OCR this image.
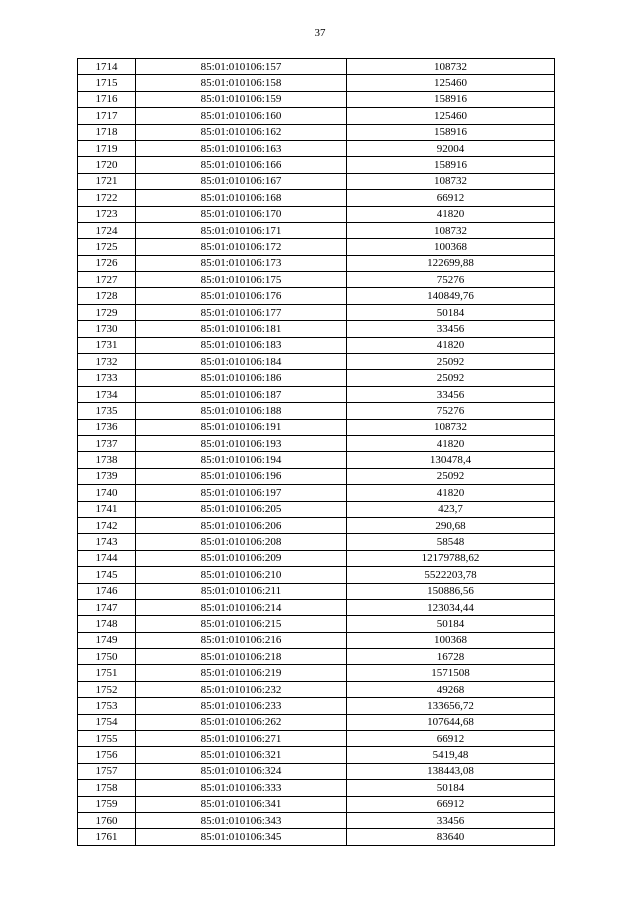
37
1714	85:01:010106:157	108732
1715	85:01:010106:158	125460
1716	85:01:010106:159	158916
1717	85:01:010106:160	125460
1718	85:01:010106:162	158916
1719	85:01:010106:163	92004
1720	85:01:010106:166	158916
1721	85:01:010106:167	108732
1722	85:01:010106:168	66912
1723	85:01:010106:170	41820
1724	85:01:010106:171	108732
1725	85:01:010106:172	100368
1726	85:01:010106:173	122699,88
1727	85:01:010106:175	75276
1728	85:01:010106:176	140849,76
1729	85:01:010106:177	50184
1730	85:01:010106:181	33456
1731	85:01:010106:183	41820
1732	85:01:010106:184	25092
1733	85:01:010106:186	25092
1734	85:01:010106:187	33456
1735	85:01:010106:188	75276
1736	85:01:010106:191	108732
1737	85:01:010106:193	41820
1738	85:01:010106:194	130478,4
1739	85:01:010106:196	25092
1740	85:01:010106:197	41820
1741	85:01:010106:205	423,7
1742	85:01:010106:206	290,68
1743	85:01:010106:208	58548
1744	85:01:010106:209	12179788,62
1745	85:01:010106:210	5522203,78
1746	85:01:010106:211	150886,56
1747	85:01:010106:214	123034,44
1748	85:01:010106:215	50184
1749	85:01:010106:216	100368
1750	85:01:010106:218	16728
1751	85:01:010106:219	1571508
1752	85:01:010106:232	49268
1753	85:01:010106:233	133656,72
1754	85:01:010106:262	107644,68
1755	85:01:010106:271	66912
1756	85:01:010106:321	5419,48
1757	85:01:010106:324	138443,08
1758	85:01:010106:333	50184
1759	85:01:010106:341	66912
1760	85:01:010106:343	33456
1761	85:01:010106:345	83640
